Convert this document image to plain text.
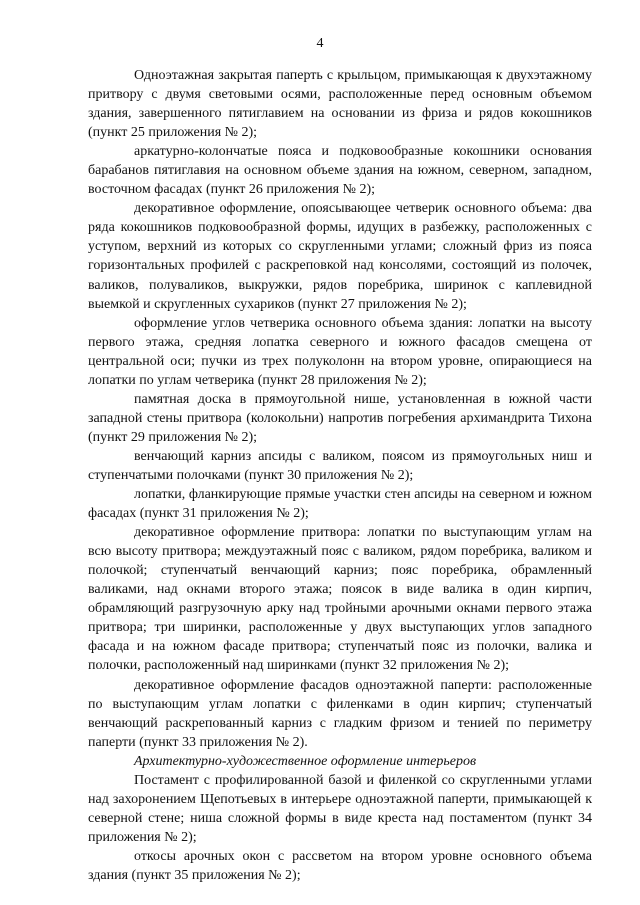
4

Одноэтажная закрытая паперть с крыльцом, примыкающая к двухэтажному притвору с двумя световыми осями, расположенные перед основным объемом здания, завершенного пятиглавием на основании из фриза и рядов кокошников (пункт 25 приложения № 2);

аркатурно-колончатые пояса и подковообразные кокошники основания барабанов пятиглавия на основном объеме здания на южном, северном, западном, восточном фасадах (пункт 26 приложения № 2);

декоративное оформление, опоясывающее четверик основного объема: два ряда кокошников подковообразной формы, идущих в разбежку, расположенных с уступом, верхний из которых со скругленными углами; сложный фриз из пояса горизонтальных профилей с раскреповкой над консолями, состоящий из полочек, валиков, полувaликов, выкружки, рядов поребрика, ширинок с каплевидной выемкой и скругленных сухариков (пункт 27 приложения № 2);

оформление углов четверика основного объема здания: лопатки на высоту первого этажа, средняя лопатка северного и южного фасадов смещена от центральной оси; пучки из трех полуколонн на втором уровне, опирающиеся на лопатки по углам четверика (пункт 28 приложения № 2);

памятная доска в прямоугольной нише, установленная в южной части западной стены притвора (колокольни) напротив погребения архимандрита Тихона (пункт 29 приложения № 2);

венчающий карниз апсиды с валиком, поясом из прямоугольных ниш и ступенчатыми полочками (пункт 30 приложения № 2);

лопатки, фланкирующие прямые участки стен апсиды на северном и южном фасадах (пункт 31 приложения № 2);

декоративное оформление притвора: лопатки по выступающим углам на всю высоту притвора; междуэтажный пояс с валиком, рядом поребрика, валиком и полочкой; ступенчатый венчающий карниз; пояс поребрика, обрамленный валиками, над окнами второго этажа; поясок в виде валика в один кирпич, обрамляющий разгрузочную арку над тройными арочными окнами первого этажа притвора; три ширинки, расположенные у двух выступающих углов западного фасада и на южном фасаде притвора; ступенчатый пояс из полочки, валика и полочки, расположенный над ширинками (пункт 32 приложения № 2);

декоративное оформление фасадов одноэтажной паперти: расположенные по выступающим углам лопатки с филенками в один кирпич; ступенчатый венчающий раскрепованный карниз с гладким фризом и тенией по периметру паперти (пункт 33 приложения № 2).

Архитектурно-художественное оформление интерьеров

Постамент с профилированной базой и филенкой со скругленными углами над захоронением Щепотьевых в интерьере одноэтажной паперти, примыкающей к северной стене; ниша сложной формы в виде креста над постаментом (пункт 34 приложения № 2);

откосы арочных окон с рассветом на втором уровне основного объема здания (пункт 35 приложения № 2);
